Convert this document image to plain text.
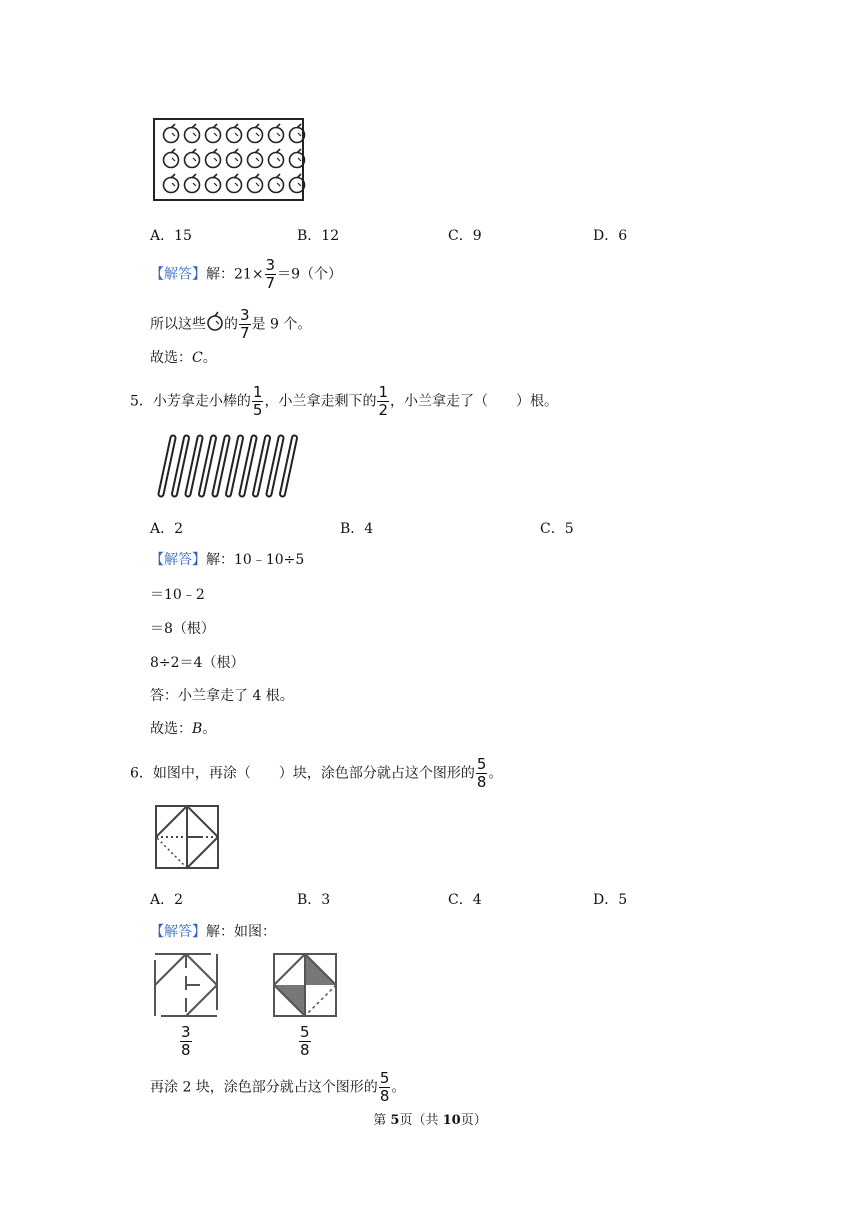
A．15	B．12	C．9	D．6
【解答】解：$21\times \frac{3}{7} =9$（个）
所以这些 的 $\frac{3}{7}$ 是 9 个。
故选：C。
5．小芳拿走小棒的 $\frac{1}{5}$ ，小兰拿走剩下的 $\frac{1}{2}$ ，小兰拿走了（　　）根。
A．2	B．4	C．5
【解答】解：10﹣10÷5
＝10﹣2
＝8（根）
8÷2＝4（根）
答：小兰拿走了 4 根。
故选：B。
6．如图中，再涂（　　）块，涂色部分就占这个图形的 $\frac{5}{8}$ 。
A．2	B．3	C．4	D．5
【解答】解：如图：
$\frac{3}{8}$	$\frac{5}{8}$
再涂 2 块，涂色部分就占这个图形的 $\frac{5}{8}$ 。
第 5页（共 10页）
